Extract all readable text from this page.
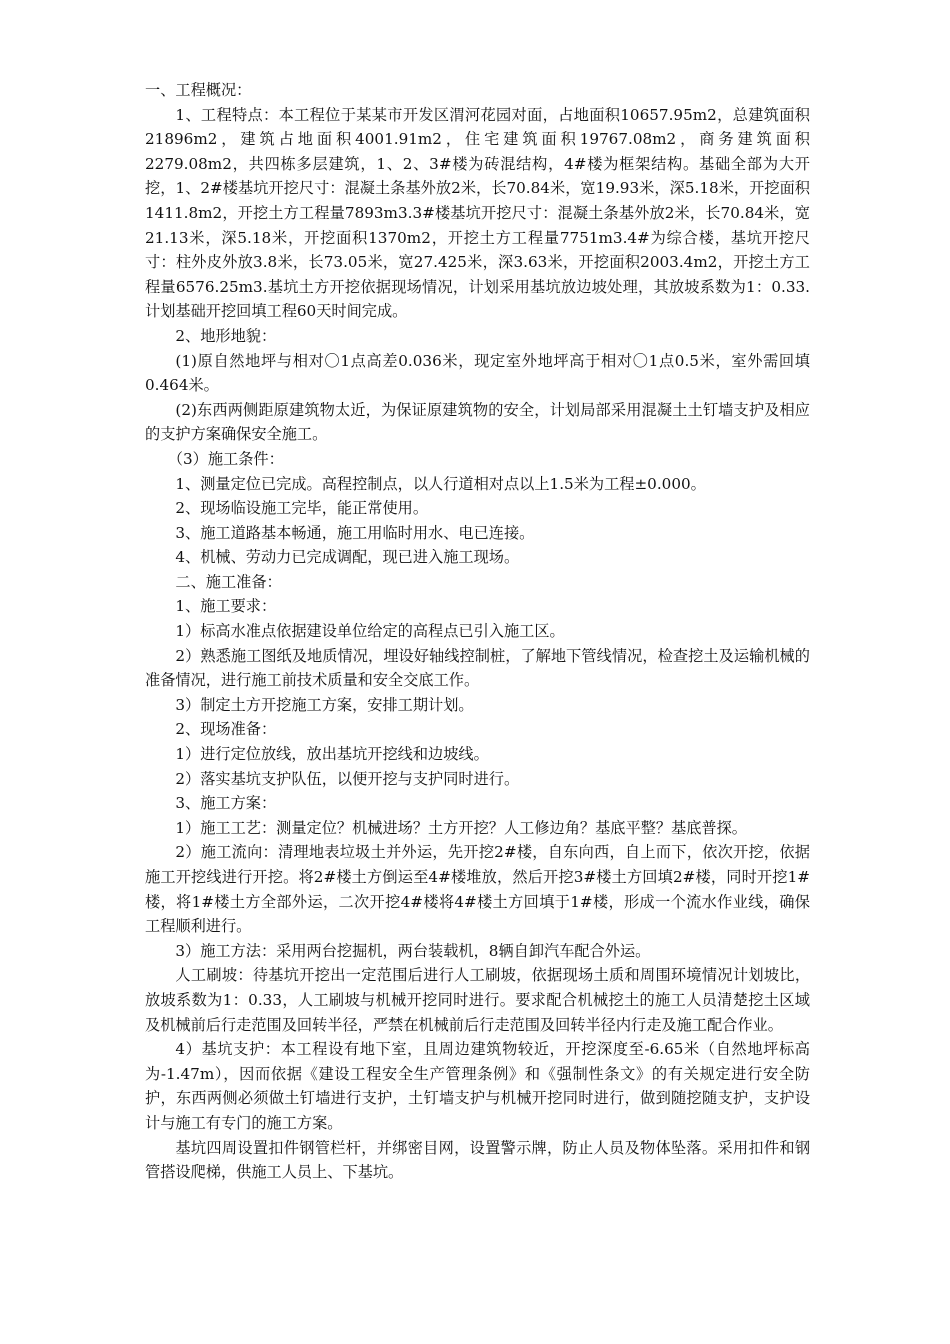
一、工程概况：

1、工程特点：本工程位于某某市开发区渭河花园对面，占地面积10657.95m2，总建筑面积21896m2，建筑占地面积4001.91m2，住宅建筑面积19767.08m2，商务建筑面积2279.08m2，共四栋多层建筑，1、2、3#楼为砖混结构，4#楼为框架结构。基础全部为大开挖，1、2#楼基坑开挖尺寸：混凝土条基外放2米，长70.84米，宽19.93米，深5.18米，开挖面积1411.8m2，开挖土方工程量7893m3.3#楼基坑开挖尺寸：混凝土条基外放2米，长70.84米，宽21.13米，深5.18米，开挖面积1370m2，开挖土方工程量7751m3.4#为综合楼，基坑开挖尺寸：柱外皮外放3.8米，长73.05米，宽27.425米，深3.63米，开挖面积2003.4m2，开挖土方工程量6576.25m3.基坑土方开挖依据现场情况，计划采用基坑放边坡处理，其放坡系数为1：0.33.计划基础开挖回填工程60天时间完成。

2、地形地貌：

(1)原自然地坪与相对〇1点高差0.036米，现定室外地坪高于相对〇1点0.5米，室外需回填0.464米。

(2)东西两侧距原建筑物太近，为保证原建筑物的安全，计划局部采用混凝土土钉墙支护及相应的支护方案确保安全施工。

（3）施工条件：

1、测量定位已完成。高程控制点，以人行道相对点以上1.5米为工程±0.000。

2、现场临设施工完毕，能正常使用。

3、施工道路基本畅通，施工用临时用水、电已连接。

4、机械、劳动力已完成调配，现已进入施工现场。

二、施工准备：

1、施工要求：

1）标高水准点依据建设单位给定的高程点已引入施工区。

2）熟悉施工图纸及地质情况，埋设好轴线控制桩，了解地下管线情况，检查挖土及运输机械的准备情况，进行施工前技术质量和安全交底工作。

3）制定土方开挖施工方案，安排工期计划。

2、现场准备：

1）进行定位放线，放出基坑开挖线和边坡线。

2）落实基坑支护队伍，以便开挖与支护同时进行。

3、施工方案：

1）施工工艺：测量定位？机械进场？土方开挖？人工修边角？基底平整？基底普探。

2）施工流向：清理地表垃圾土并外运，先开挖2#楼，自东向西，自上而下，依次开挖，依据施工开挖线进行开挖。将2#楼土方倒运至4#楼堆放，然后开挖3#楼土方回填2#楼，同时开挖1#楼，将1#楼土方全部外运，二次开挖4#楼将4#楼土方回填于1#楼，形成一个流水作业线，确保工程顺利进行。

3）施工方法：采用两台挖掘机，两台装载机，8辆自卸汽车配合外运。

人工刷坡：待基坑开挖出一定范围后进行人工刷坡，依据现场土质和周围环境情况计划坡比，放坡系数为1：0.33，人工刷坡与机械开挖同时进行。要求配合机械挖土的施工人员清楚挖土区域及机械前后行走范围及回转半径，严禁在机械前后行走范围及回转半径内行走及施工配合作业。

4）基坑支护：本工程设有地下室，且周边建筑物较近，开挖深度至-6.65米（自然地坪标高为-1.47m），因而依据《建设工程安全生产管理条例》和《强制性条文》的有关规定进行安全防护，东西两侧必须做土钉墙进行支护，土钉墙支护与机械开挖同时进行，做到随挖随支护，支护设计与施工有专门的施工方案。

基坑四周设置扣件钢管栏杆，并绑密目网，设置警示牌，防止人员及物体坠落。采用扣件和钢管搭设爬梯，供施工人员上、下基坑。
